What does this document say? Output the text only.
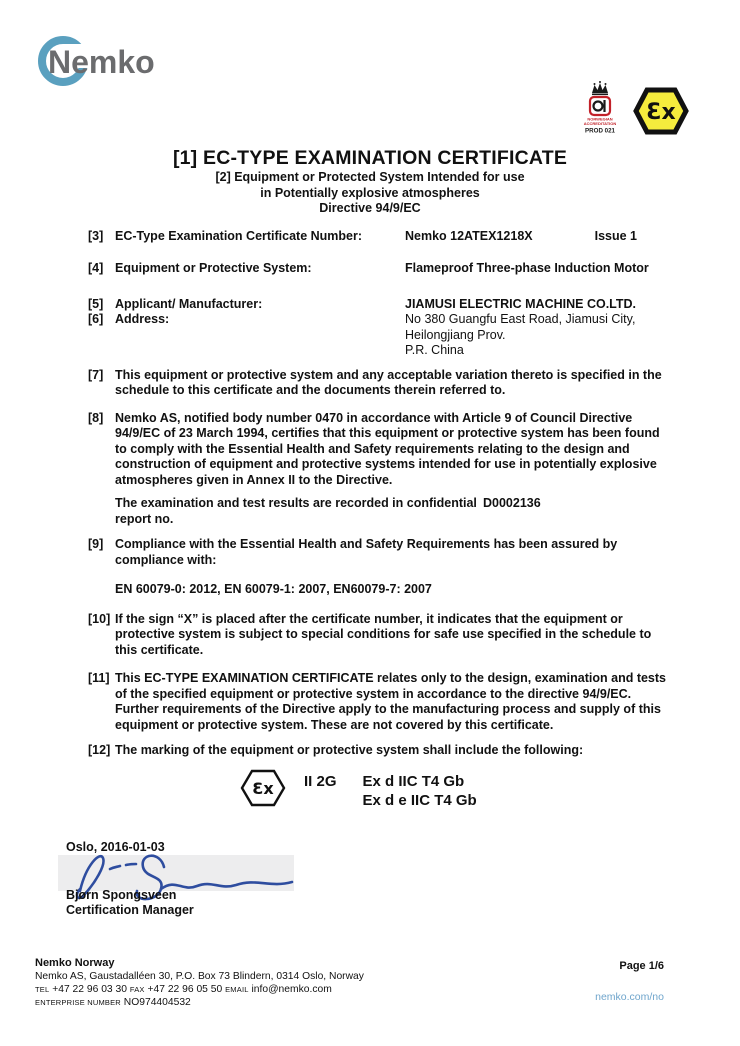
Nemko
NORWEGIAN
ACCREDITATION
PROD 021
Ɛx
[1] EC-TYPE EXAMINATION CERTIFICATE
[2] Equipment or Protected System Intended for use
in Potentially explosive atmospheres
Directive 94/9/EC
[3] EC-Type Examination Certificate Number:	Nemko 12ATEX1218X	Issue 1
[4] Equipment or Protective System:	Flameproof Three-phase Induction Motor
[5] Applicant/ Manufacturer:	JIAMUSI ELECTRIC MACHINE CO.LTD.
[6] Address:	No 380 Guangfu East Road, Jiamusi City,
Heilongjiang Prov.
P.R. China
[7] This equipment or protective system and any acceptable variation thereto is specified in the schedule to this certificate and the documents therein referred to.

[8] Nemko AS, notified body number 0470 in accordance with Article 9 of Council Directive 94/9/EC of 23 March 1994, certifies that this equipment or protective system has been found to comply with the Essential Health and Safety requirements relating to the design and construction of equipment and protective systems intended for use in potentially explosive atmospheres given in Annex II to the Directive.

The examination and test results are recorded in confidential
report no.
D0002136
[9] Compliance with the Essential Health and Safety Requirements has been assured by compliance with:

EN 60079-0: 2012, EN 60079-1: 2007, EN60079-7: 2007
[10] If the sign “X” is placed after the certificate number, it indicates that the equipment or protective system is subject to special conditions for safe use specified in the schedule to this certificate.

[11] This EC-TYPE EXAMINATION CERTIFICATE relates only to the design, examination and tests of the specified equipment or protective system in accordance to the directive 94/9/EC.

Further requirements of the Directive apply to the manufacturing process and supply of this equipment or protective system. These are not covered by this certificate.

[12] The marking of the equipment or protective system shall include the following:

Ɛx II 2G Ex d IIC T4 Gb
Ex d e IIC T4 Gb
Oslo, 2016-01-03
Bjørn Spongsveen
Certification Manager
Nemko Norway
Nemko AS, Gaustadalléen 30, P.O. Box 73 Blindern, 0314 Oslo, Norway
TEL +47 22 96 03 30 FAX +47 22 96 05 50 EMAIL info@nemko.com
ENTERPRISE NUMBER NO974404532
Page 1/6
nemko.com/no
